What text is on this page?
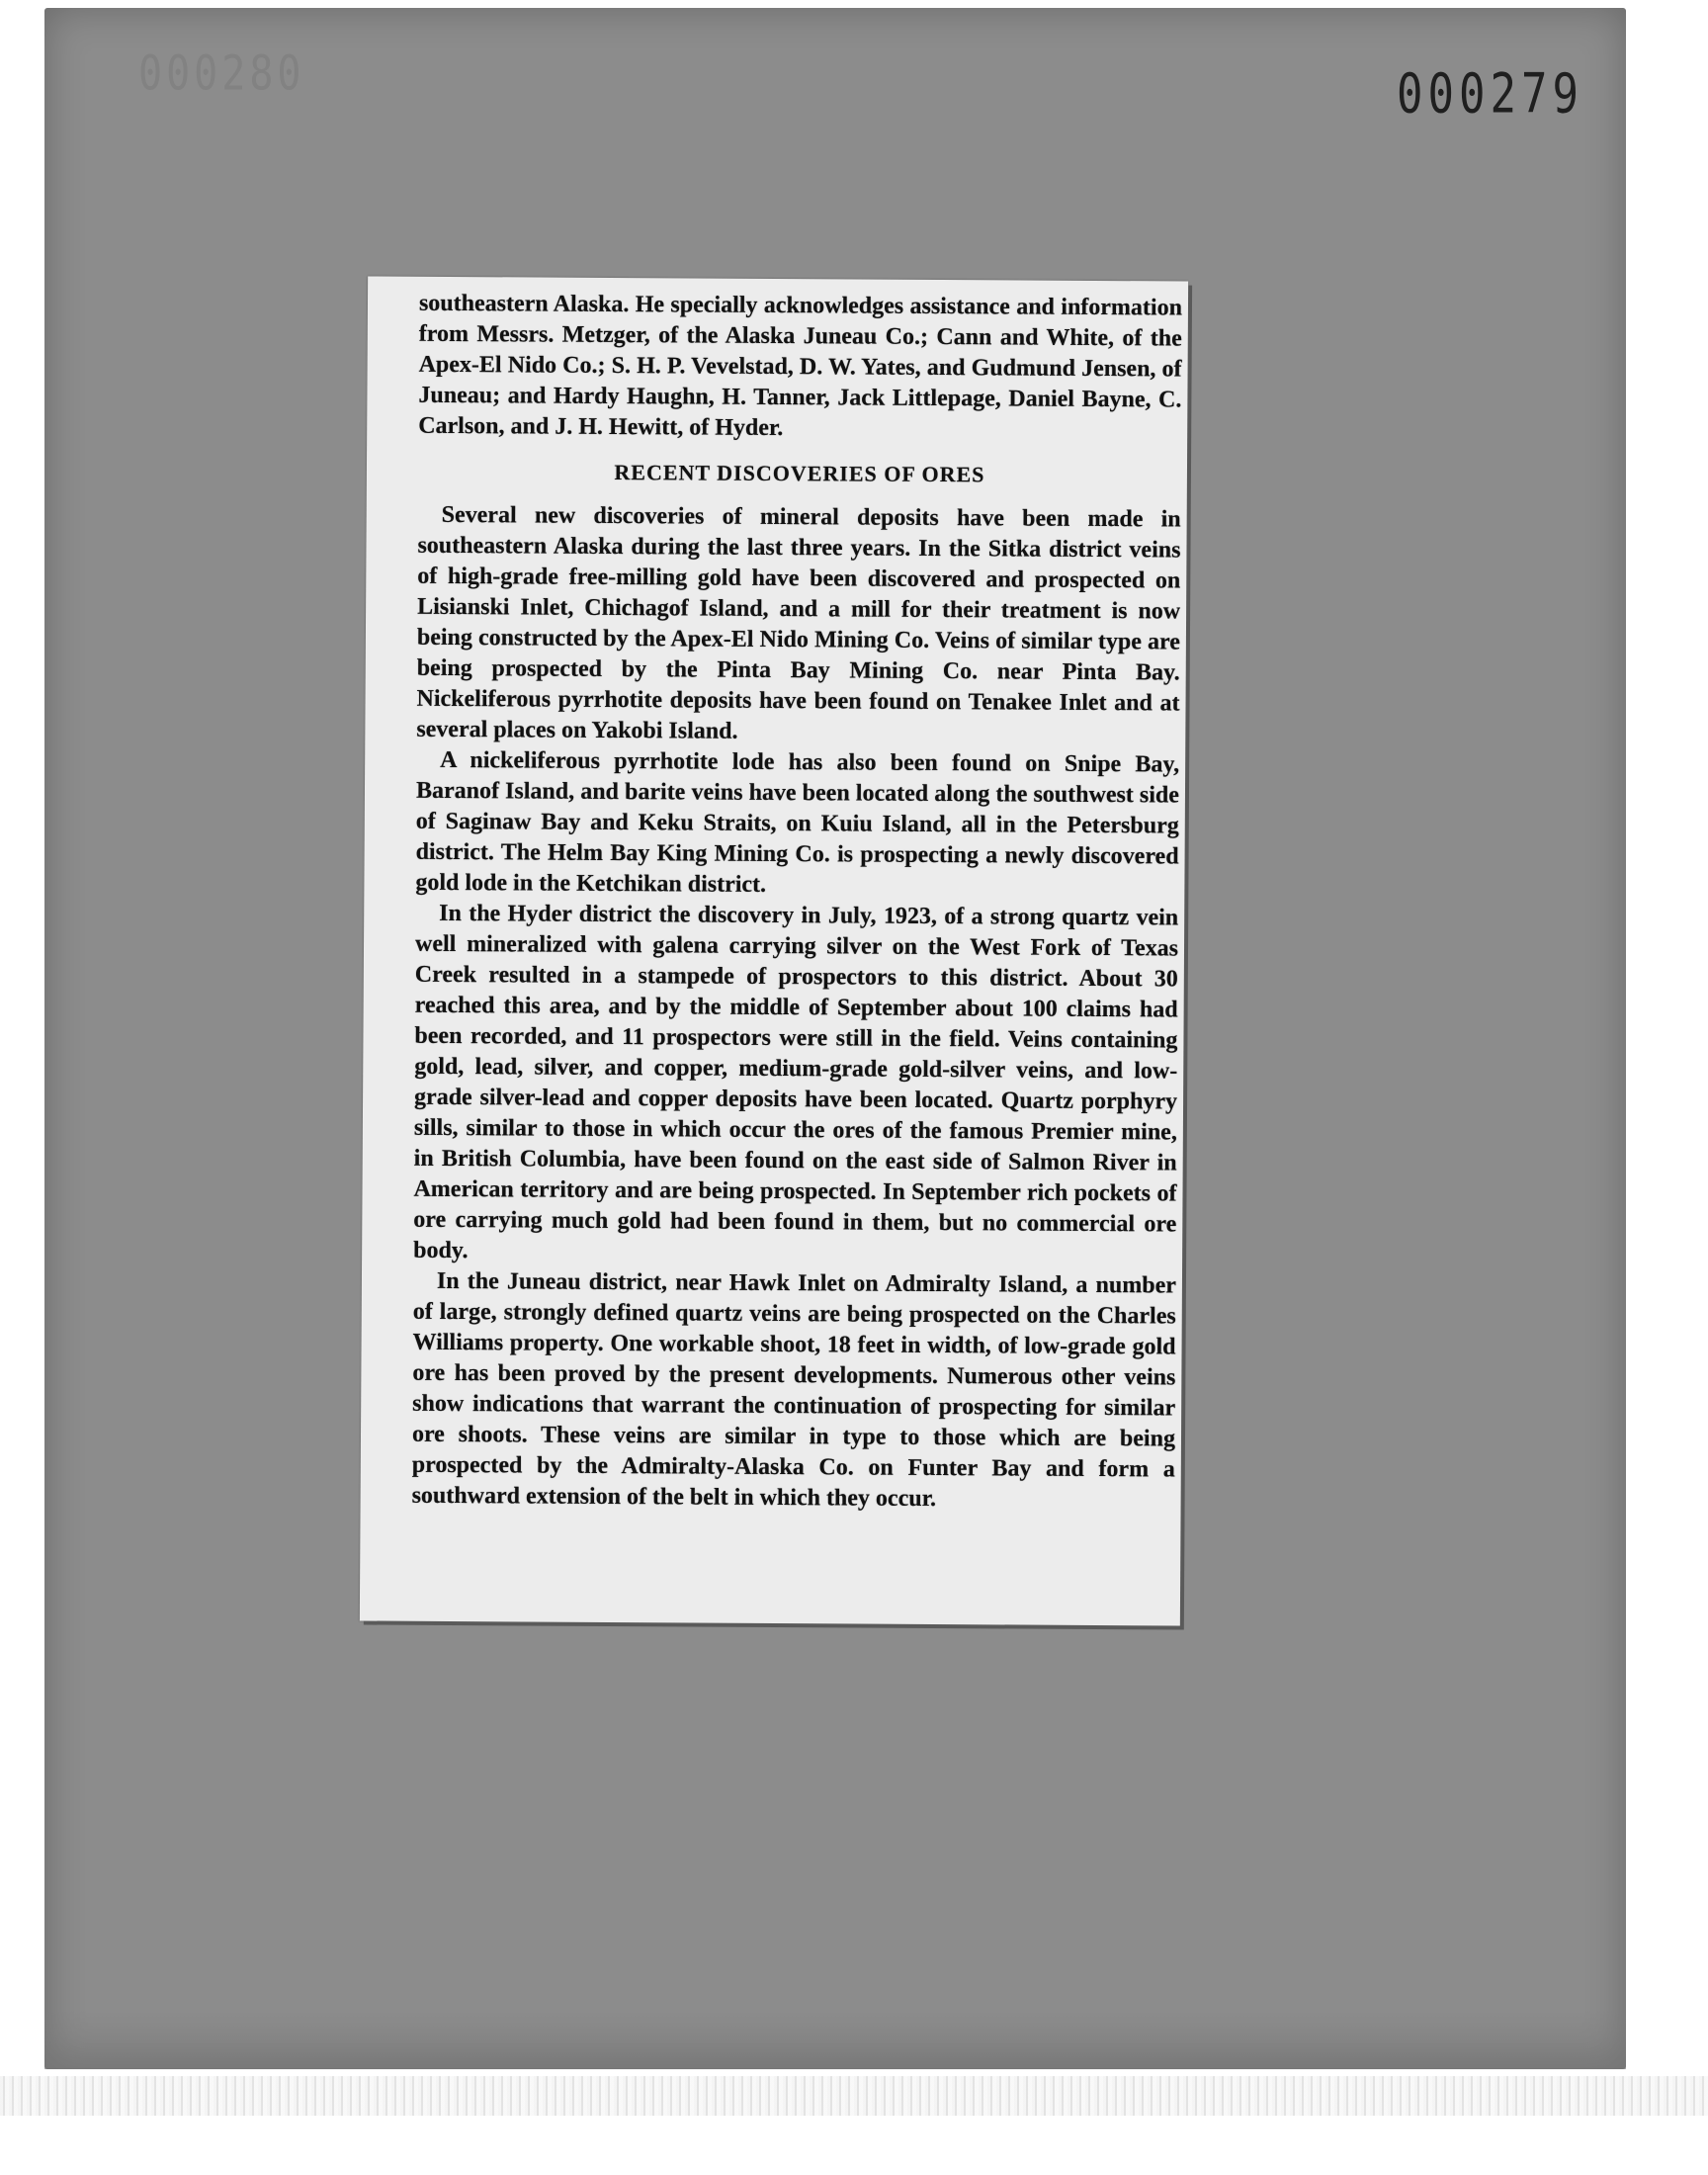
000280	000279

southeastern Alaska. He specially acknowledges assistance and information from Messrs. Metzger, of the Alaska Juneau Co.; Cann and White, of the Apex-El Nido Co.; S. H. P. Vevelstad, D. W. Yates, and Gudmund Jensen, of Juneau; and Hardy Haughn, H. Tanner, Jack Littlepage, Daniel Bayne, C. Carlson, and J. H. Hewitt, of Hyder.

RECENT DISCOVERIES OF ORES

Several new discoveries of mineral deposits have been made in southeastern Alaska during the last three years. In the Sitka district veins of high-grade free-milling gold have been discovered and prospected on Lisianski Inlet, Chichagof Island, and a mill for their treatment is now being constructed by the Apex-El Nido Mining Co. Veins of similar type are being prospected by the Pinta Bay Mining Co. near Pinta Bay. Nickeliferous pyrrhotite deposits have been found on Tenakee Inlet and at several places on Yakobi Island.

A nickeliferous pyrrhotite lode has also been found on Snipe Bay, Baranof Island, and barite veins have been located along the southwest side of Saginaw Bay and Keku Straits, on Kuiu Island, all in the Petersburg district. The Helm Bay King Mining Co. is prospecting a newly discovered gold lode in the Ketchikan district.

In the Hyder district the discovery in July, 1923, of a strong quartz vein well mineralized with galena carrying silver on the West Fork of Texas Creek resulted in a stampede of prospectors to this district. About 30 reached this area, and by the middle of September about 100 claims had been recorded, and 11 prospectors were still in the field. Veins containing gold, lead, silver, and copper, medium-grade gold-silver veins, and low-grade silver-lead and copper deposits have been located. Quartz porphyry sills, similar to those in which occur the ores of the famous Premier mine, in British Columbia, have been found on the east side of Salmon River in American territory and are being prospected. In September rich pockets of ore carrying much gold had been found in them, but no commercial ore body.

In the Juneau district, near Hawk Inlet on Admiralty Island, a number of large, strongly defined quartz veins are being prospected on the Charles Williams property. One workable shoot, 18 feet in width, of low-grade gold ore has been proved by the present developments. Numerous other veins show indications that warrant the continuation of prospecting for similar ore shoots. These veins are similar in type to those which are being prospected by the Admiralty-Alaska Co. on Funter Bay and form a southward extension of the belt in which they occur.
